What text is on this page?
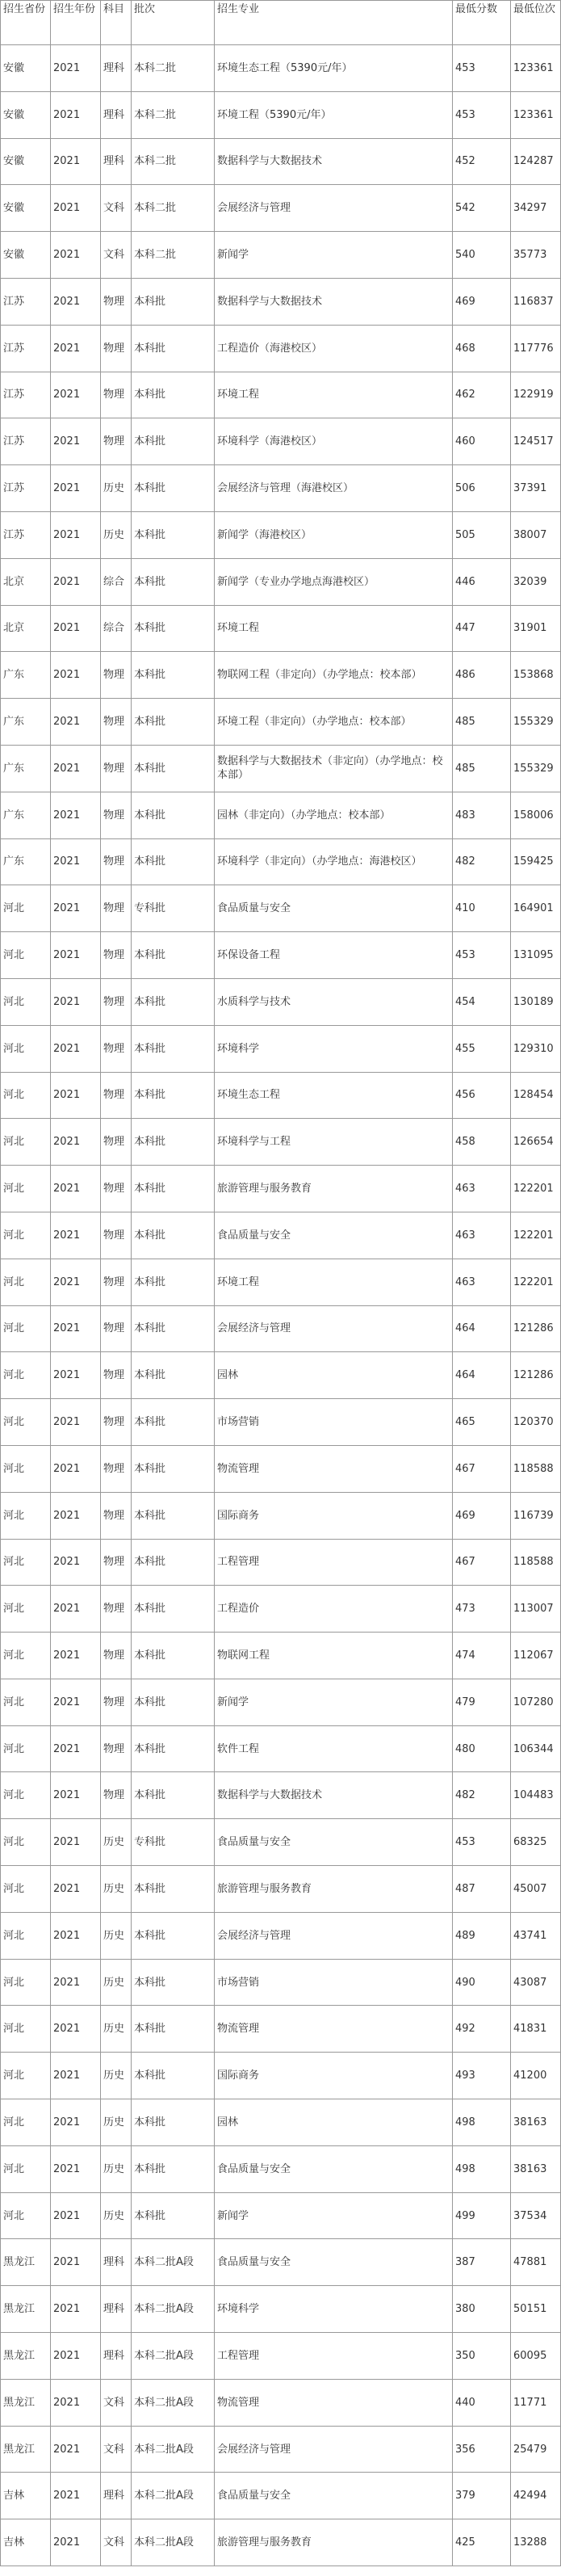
招生省份	招生年份	科目	批次	招生专业	最低分数	最低位次
安徽	2021	理科	本科二批	环境生态工程（5390元/年）	453	123361
安徽	2021	理科	本科二批	环境工程（5390元/年）	453	123361
安徽	2021	理科	本科二批	数据科学与大数据技术	452	124287
安徽	2021	文科	本科二批	会展经济与管理	542	34297
安徽	2021	文科	本科二批	新闻学	540	35773
江苏	2021	物理	本科批	数据科学与大数据技术	469	116837
江苏	2021	物理	本科批	工程造价（海港校区）	468	117776
江苏	2021	物理	本科批	环境工程	462	122919
江苏	2021	物理	本科批	环境科学（海港校区）	460	124517
江苏	2021	历史	本科批	会展经济与管理（海港校区）	506	37391
江苏	2021	历史	本科批	新闻学（海港校区）	505	38007
北京	2021	综合	本科批	新闻学（专业办学地点海港校区）	446	32039
北京	2021	综合	本科批	环境工程	447	31901
广东	2021	物理	本科批	物联网工程（非定向）（办学地点：校本部）	486	153868
广东	2021	物理	本科批	环境工程（非定向）（办学地点：校本部）	485	155329
广东	2021	物理	本科批	数据科学与大数据技术（非定向）（办学地点：校本部）	485	155329
广东	2021	物理	本科批	园林（非定向）（办学地点：校本部）	483	158006
广东	2021	物理	本科批	环境科学（非定向）（办学地点：海港校区）	482	159425
河北	2021	物理	专科批	食品质量与安全	410	164901
河北	2021	物理	本科批	环保设备工程	453	131095
河北	2021	物理	本科批	水质科学与技术	454	130189
河北	2021	物理	本科批	环境科学	455	129310
河北	2021	物理	本科批	环境生态工程	456	128454
河北	2021	物理	本科批	环境科学与工程	458	126654
河北	2021	物理	本科批	旅游管理与服务教育	463	122201
河北	2021	物理	本科批	食品质量与安全	463	122201
河北	2021	物理	本科批	环境工程	463	122201
河北	2021	物理	本科批	会展经济与管理	464	121286
河北	2021	物理	本科批	园林	464	121286
河北	2021	物理	本科批	市场营销	465	120370
河北	2021	物理	本科批	物流管理	467	118588
河北	2021	物理	本科批	国际商务	469	116739
河北	2021	物理	本科批	工程管理	467	118588
河北	2021	物理	本科批	工程造价	473	113007
河北	2021	物理	本科批	物联网工程	474	112067
河北	2021	物理	本科批	新闻学	479	107280
河北	2021	物理	本科批	软件工程	480	106344
河北	2021	物理	本科批	数据科学与大数据技术	482	104483
河北	2021	历史	专科批	食品质量与安全	453	68325
河北	2021	历史	本科批	旅游管理与服务教育	487	45007
河北	2021	历史	本科批	会展经济与管理	489	43741
河北	2021	历史	本科批	市场营销	490	43087
河北	2021	历史	本科批	物流管理	492	41831
河北	2021	历史	本科批	国际商务	493	41200
河北	2021	历史	本科批	园林	498	38163
河北	2021	历史	本科批	食品质量与安全	498	38163
河北	2021	历史	本科批	新闻学	499	37534
黑龙江	2021	理科	本科二批A段	食品质量与安全	387	47881
黑龙江	2021	理科	本科二批A段	环境科学	380	50151
黑龙江	2021	理科	本科二批A段	工程管理	350	60095
黑龙江	2021	文科	本科二批A段	物流管理	440	11771
黑龙江	2021	文科	本科二批A段	会展经济与管理	356	25479
吉林	2021	理科	本科二批A段	食品质量与安全	379	42494
吉林	2021	文科	本科二批A段	旅游管理与服务教育	425	13288
